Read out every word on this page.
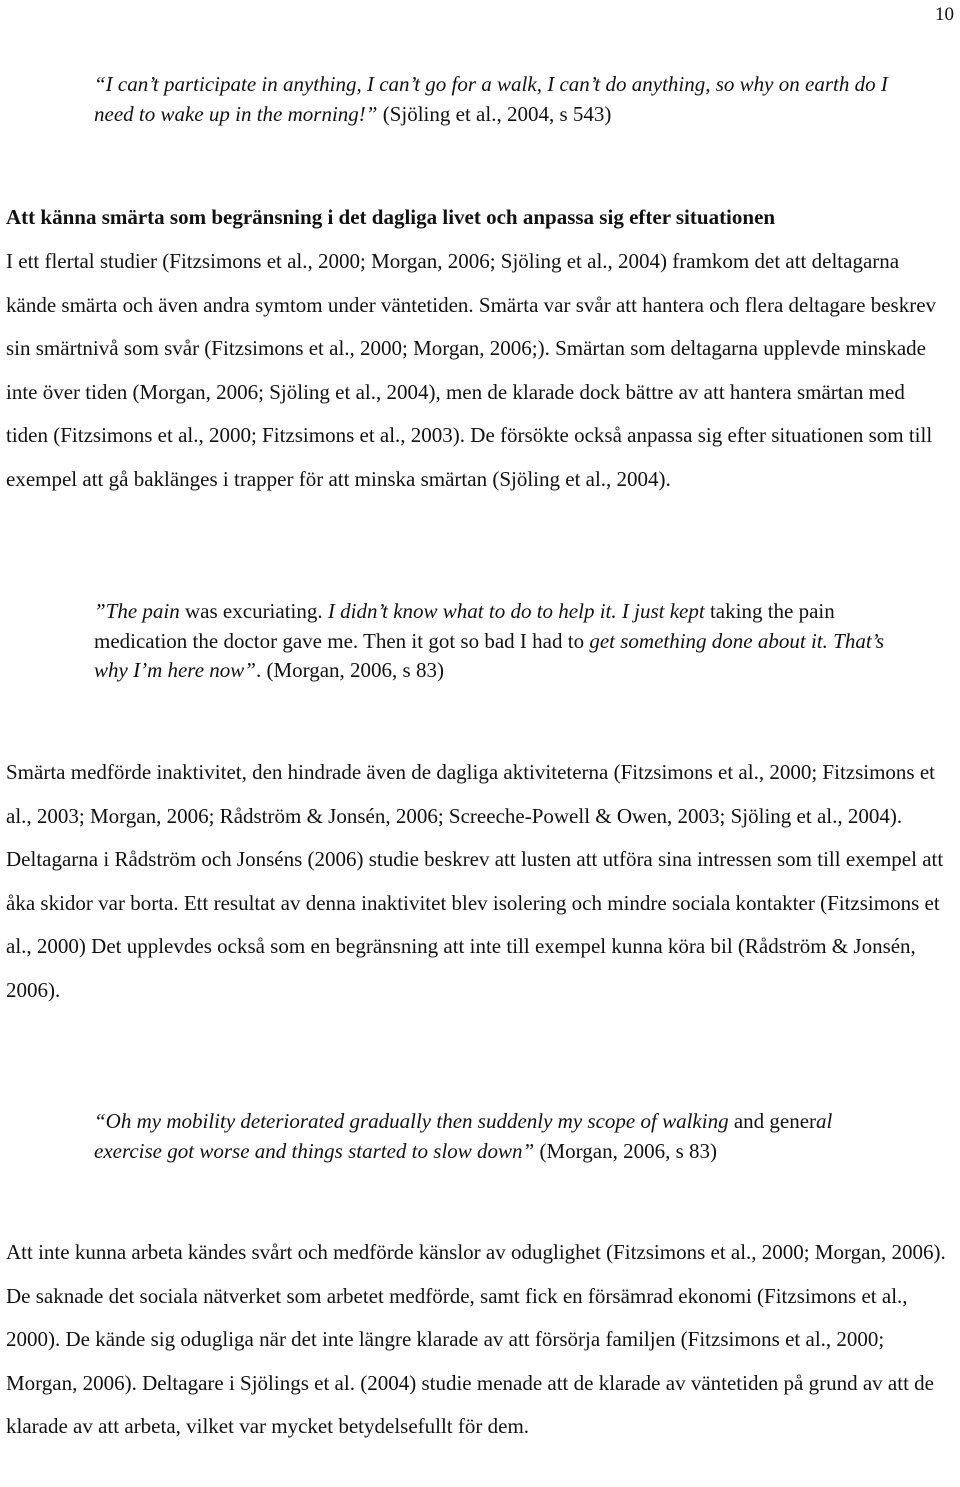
10
“I can’t participate in anything, I can’t go for a walk, I can’t do anything, so why on earth do I need to wake up in the morning!” (Sjöling et al., 2004, s 543)
Att känna smärta som begränsning i det dagliga livet och anpassa sig efter situationen
I ett flertal studier (Fitzsimons et al., 2000; Morgan, 2006; Sjöling et al., 2004) framkom det att deltagarna kände smärta och även andra symtom under väntetiden. Smärta var svår att hantera och flera deltagare beskrev sin smärtnivå som svår (Fitzsimons et al., 2000; Morgan, 2006;). Smärtan som deltagarna upplevde minskade inte över tiden (Morgan, 2006; Sjöling et al., 2004), men de klarade dock bättre av att hantera smärtan med tiden (Fitzsimons et al., 2000; Fitzsimons et al., 2003). De försökte också anpassa sig efter situationen som till exempel att gå baklänges i trapper för att minska smärtan (Sjöling et al., 2004).
”The pain was excuriating. I didn’t know what to do to help it. I just kept taking the pain medication the doctor gave me. Then it got so bad I had to get something done about it. That’s why I’m here now”. (Morgan, 2006, s 83)
Smärta medförde inaktivitet, den hindrade även de dagliga aktiviteterna (Fitzsimons et al., 2000; Fitzsimons et al., 2003; Morgan, 2006; Rådström & Jonsén, 2006; Screeche-Powell & Owen, 2003; Sjöling et al., 2004). Deltagarna i Rådström och Jonséns (2006) studie beskrev att lusten att utföra sina intressen som till exempel att åka skidor var borta. Ett resultat av denna inaktivitet blev isolering och mindre sociala kontakter (Fitzsimons et al., 2000) Det upplevdes också som en begränsning att inte till exempel kunna köra bil (Rådström & Jonsén, 2006).
“Oh my mobility deteriorated gradually then suddenly my scope of walking and general exercise got worse and things started to slow down” (Morgan, 2006, s 83)
Att inte kunna arbeta kändes svårt och medförde känslor av oduglighet (Fitzsimons et al., 2000; Morgan, 2006). De saknade det sociala nätverket som arbetet medförde, samt fick en försämrad ekonomi (Fitzsimons et al., 2000). De kände sig odugliga när det inte längre klarade av att försörja familjen (Fitzsimons et al., 2000; Morgan, 2006). Deltagare i Sjölings et al. (2004) studie menade att de klarade av väntetiden på grund av att de klarade av att arbeta, vilket var mycket betydelsefullt för dem.
